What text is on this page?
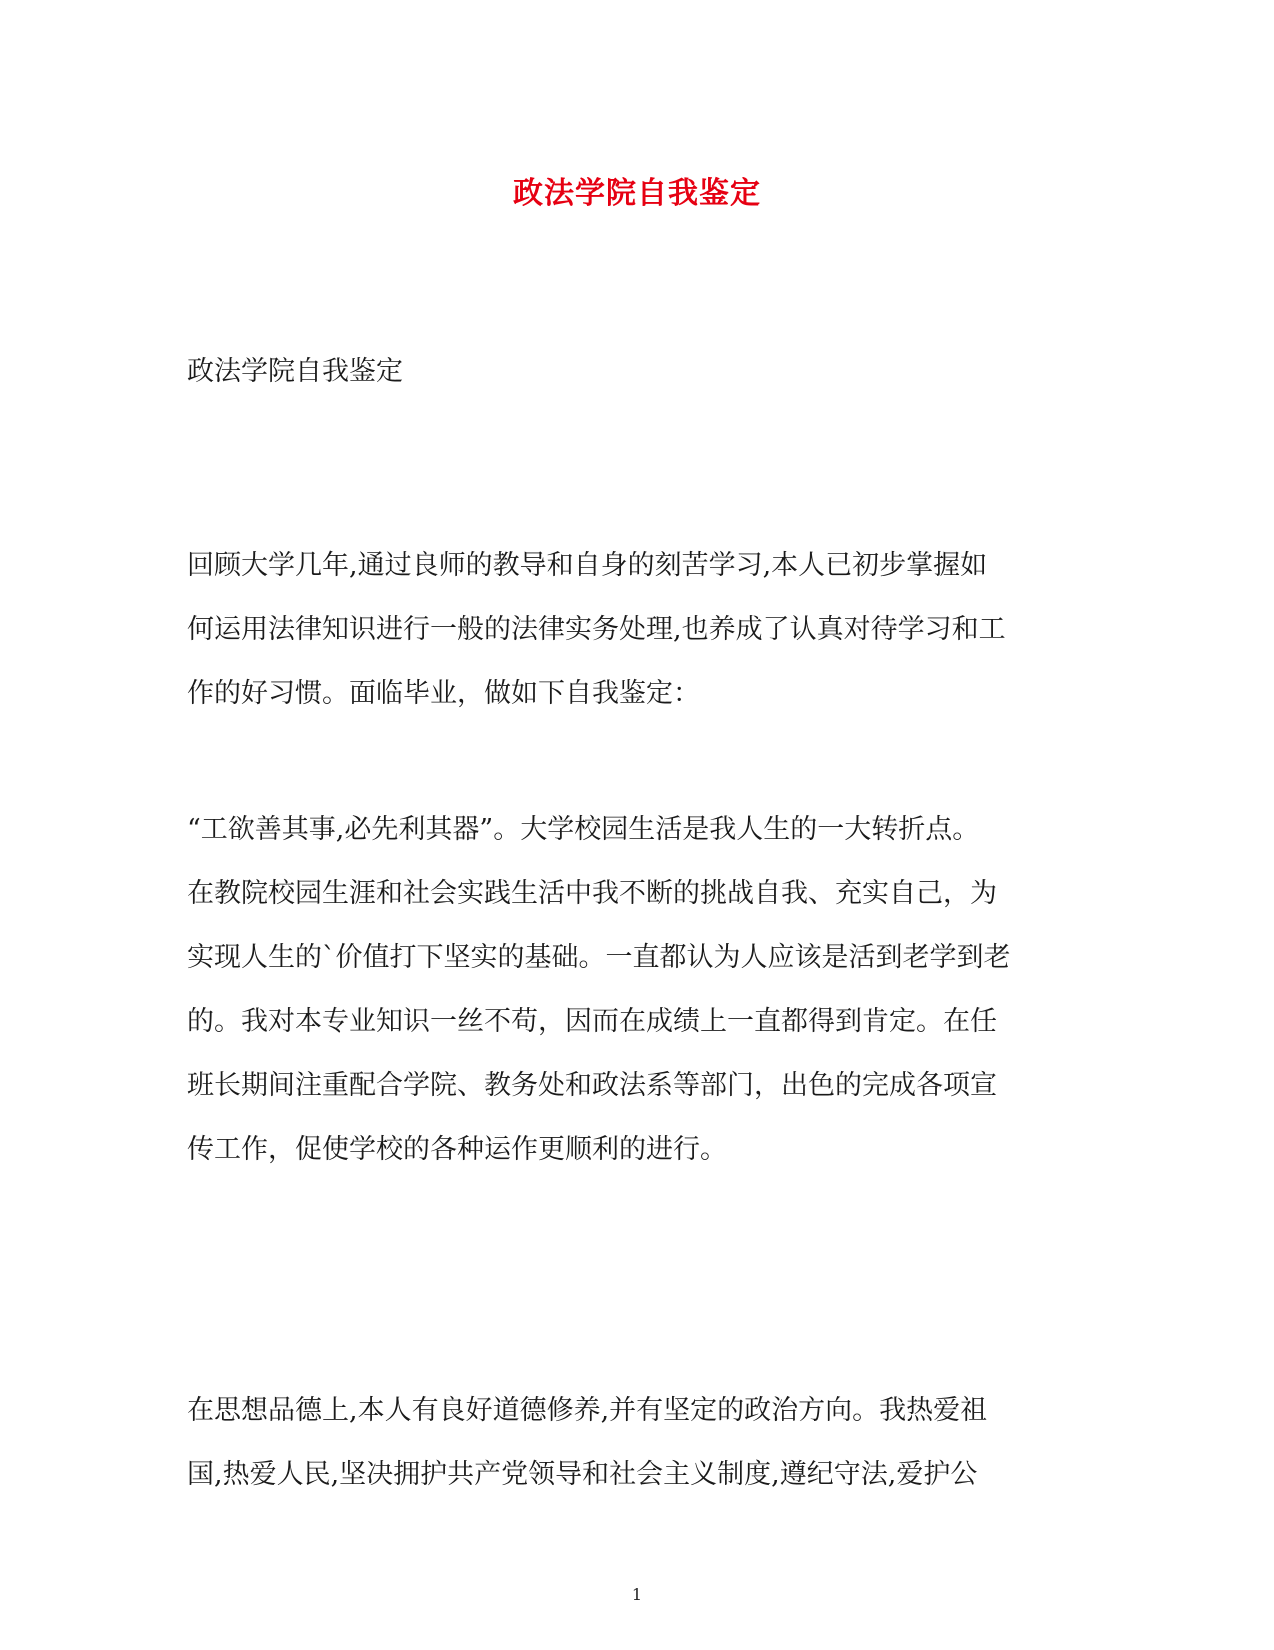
政法学院自我鉴定
政法学院自我鉴定
回顾大学几年,通过良师的教导和自身的刻苦学习,本人已初步掌握如
何运用法律知识进行一般的法律实务处理,也养成了认真对待学习和工
作的好习惯。面临毕业，做如下自我鉴定：
“工欲善其事,必先利其器”。大学校园生活是我人生的一大转折点。
在教院校园生涯和社会实践生活中我不断的挑战自我、充实自己，为
实现人生的`价值打下坚实的基础。一直都认为人应该是活到老学到老
的。我对本专业知识一丝不苟，因而在成绩上一直都得到肯定。在任
班长期间注重配合学院、教务处和政法系等部门，出色的完成各项宣
传工作，促使学校的各种运作更顺利的进行。
在思想品德上,本人有良好道德修养,并有坚定的政治方向。我热爱祖
国,热爱人民,坚决拥护共产党领导和社会主义制度,遵纪守法,爱护公
1
